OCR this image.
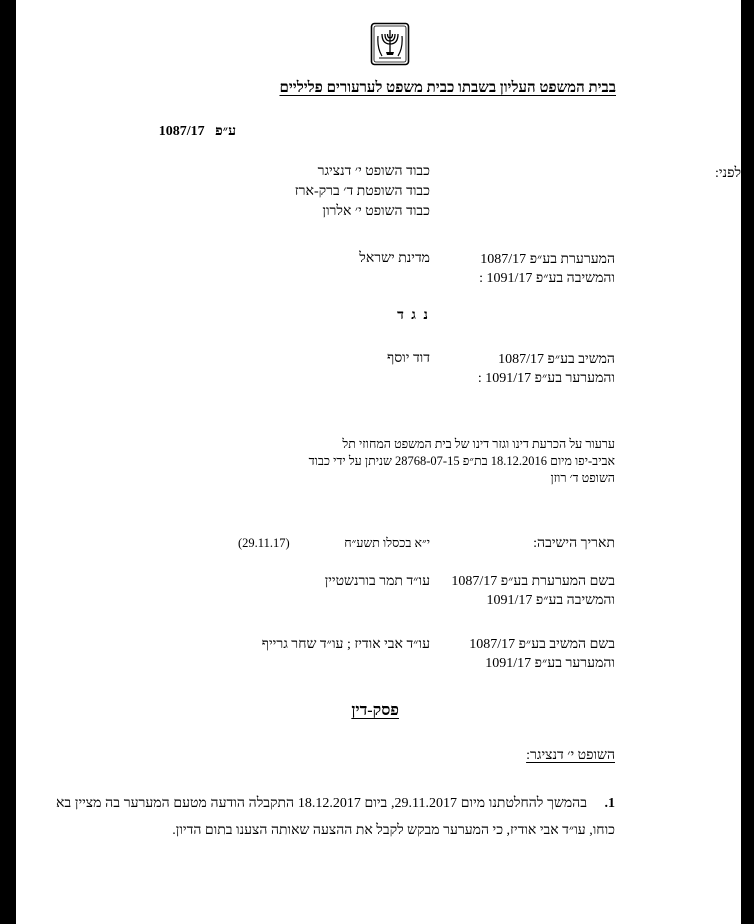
בבית המשפט העליון בשבתו כבית משפט לערעורים פליליים
ע״פ   1087/17
לפני:
כבוד השופט י׳ דנציגר
כבוד השופטת ד׳ ברק-ארז
כבוד השופט י׳ אלרון
המערערת בע״פ 1087/17
והמשיבה בע״פ 1091/17 :
מדינת ישראל
נ ג ד
המשיב בע״פ 1087/17
והמערער בע״פ 1091/17 :
דוד יוסף
ערעור על הכרעת דינו וגזר דינו של בית המשפט המחוזי תל אביב-יפו מיום 18.12.2016 בת״פ 28768-07-15 שניתן על ידי כבוד השופט ד׳ רוזן
תאריך הישיבה:
י״א בכסלו תשע״ח
(29.11.17)
בשם המערערת בע״פ 1087/17
והמשיבה בע״פ 1091/17
עו״ד תמר בורנשטיין
בשם המשיב בע״פ 1087/17
והמערער בע״פ 1091/17
עו״ד אבי אודיז ; עו״ד שחר גרייף
פסק-דין
השופט י׳ דנציגר:
1.בהמשך להחלטתנו מיום 29.11.2017, ביום 18.12.2017 התקבלה הודעה מטעם המערער בה מציין בא כוחו, עו״ד אבי אודיז, כי המערער מבקש לקבל את ההצעה שאותה הצענו בתום הדיון.
